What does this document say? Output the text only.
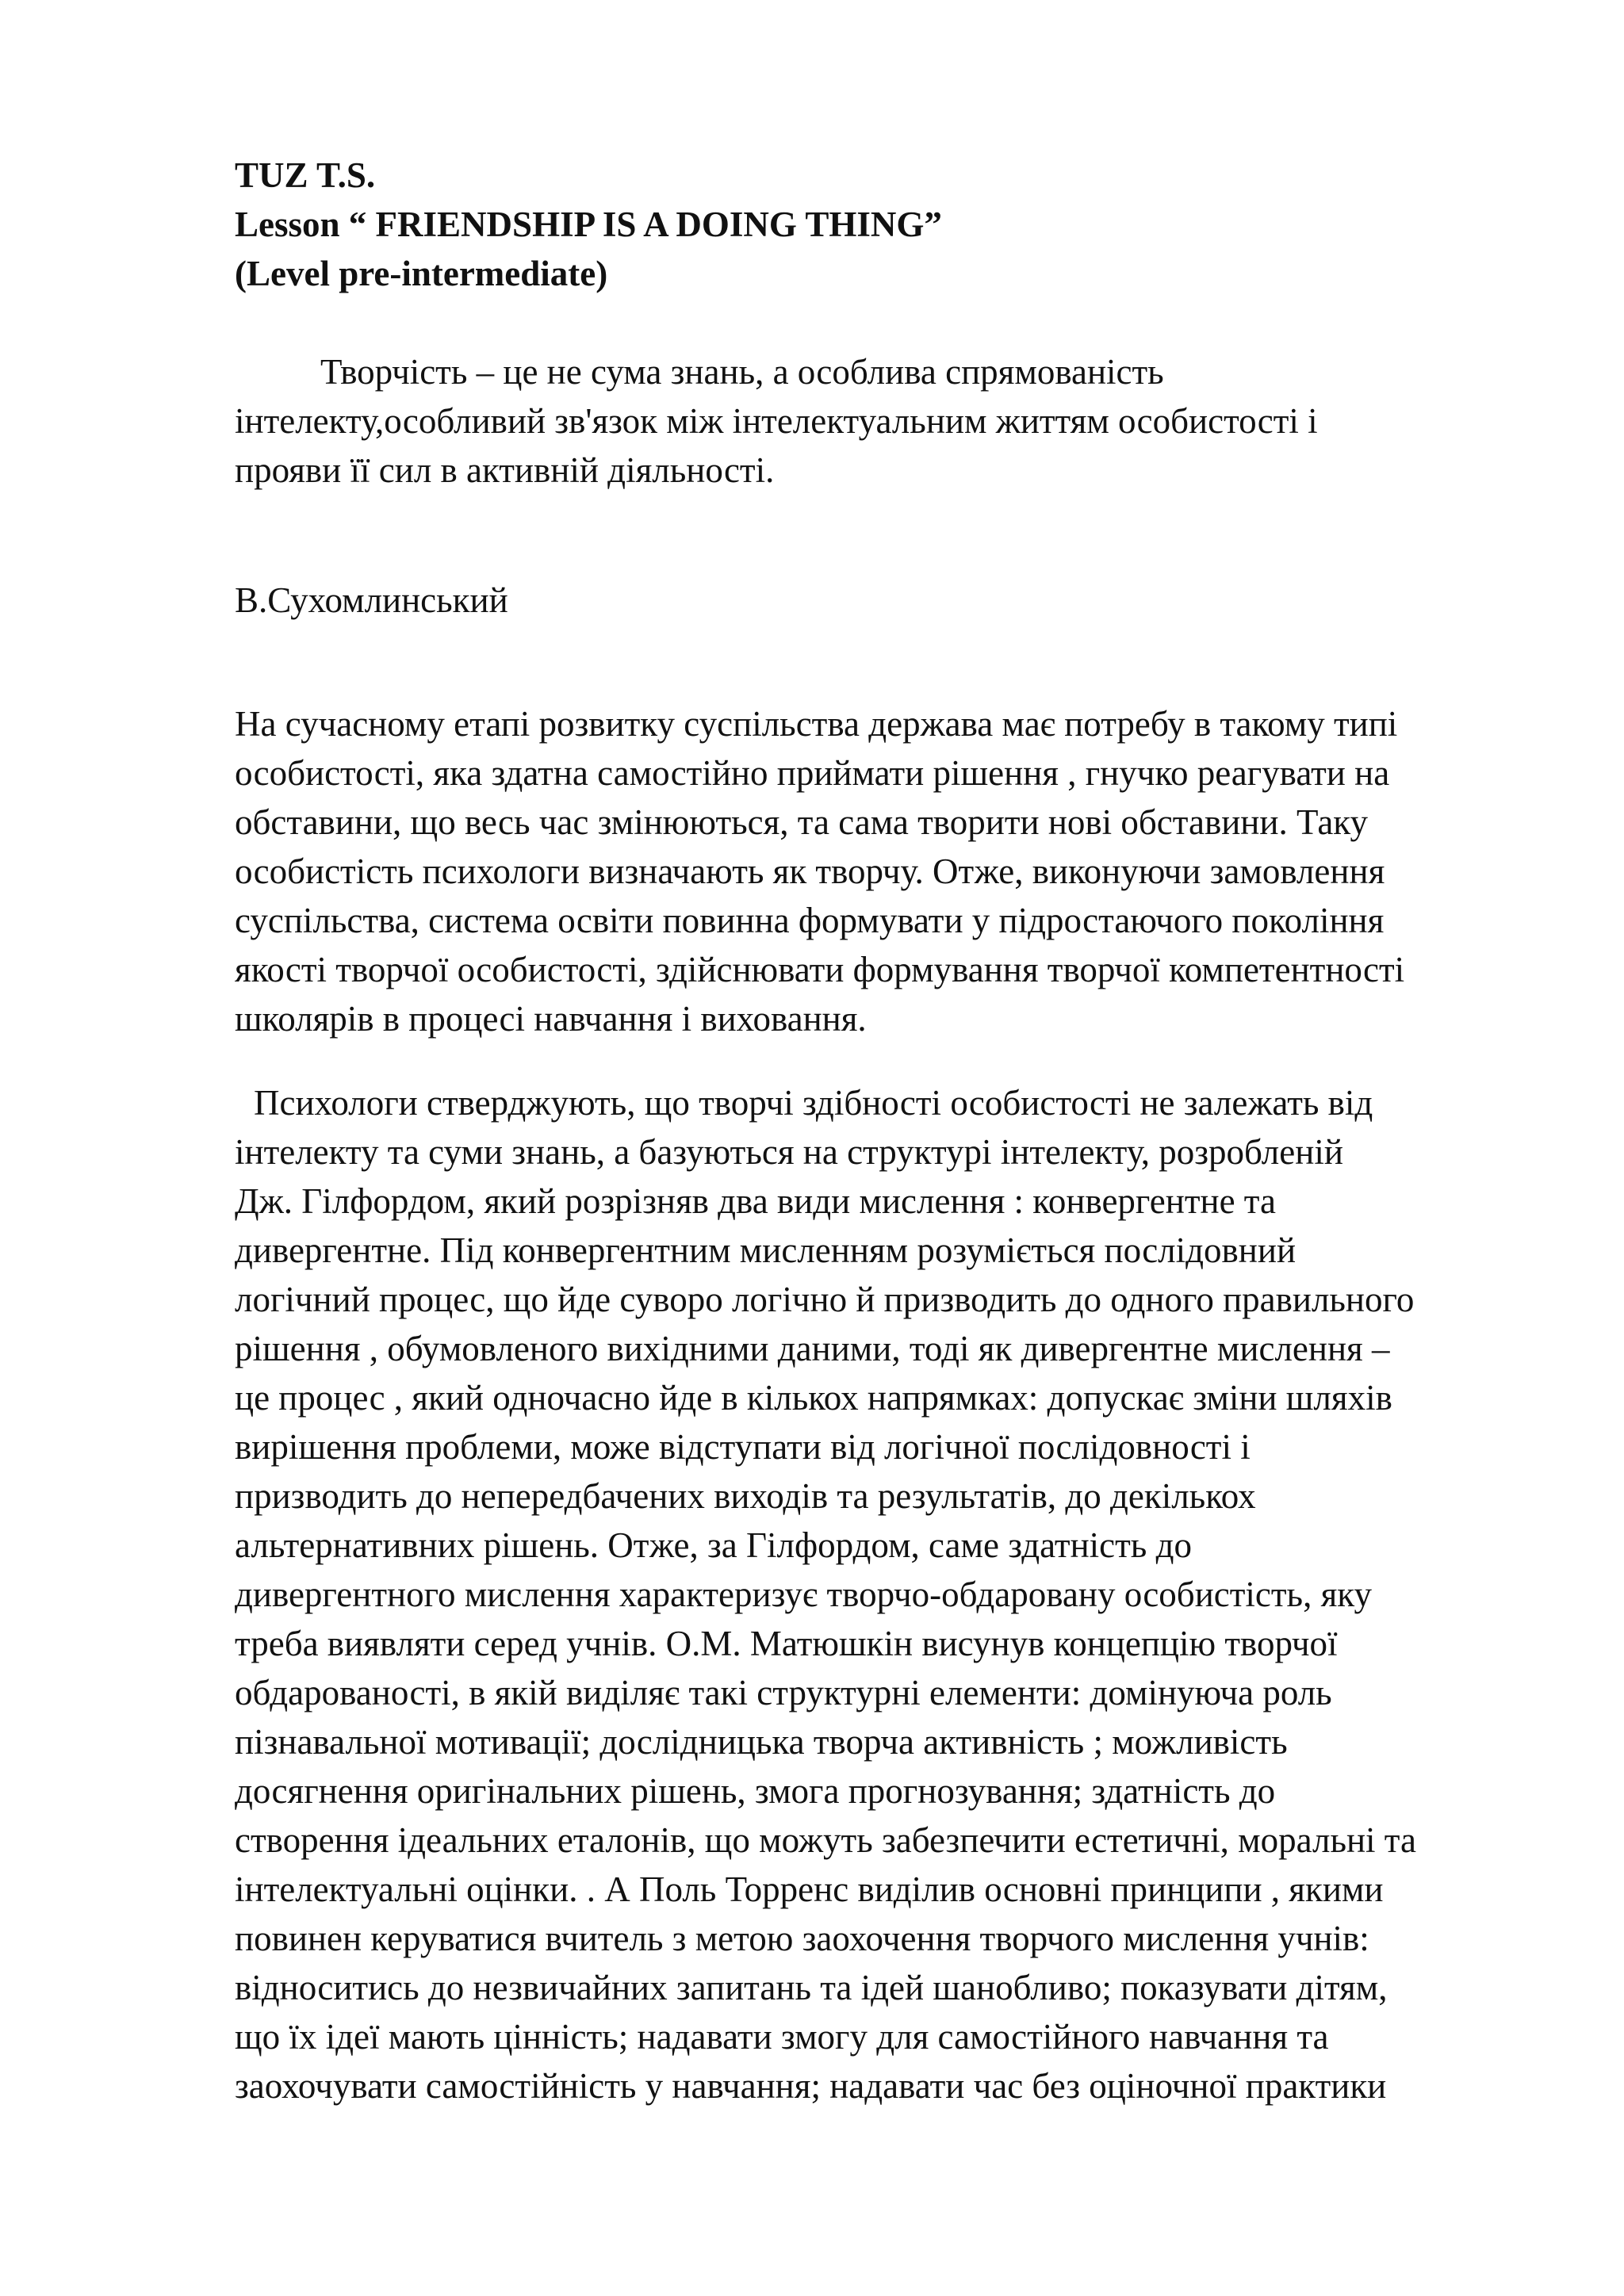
TUZ T.S.
Lesson “ FRIENDSHIP IS A DOING THING”
(Level pre-intermediate)
Творчість – це не сума знань, а особлива спрямованість
інтелекту,особливий зв'язок між інтелектуальним життям особистості і
прояви її сил в активній діяльності.
В.Сухомлинський
На сучасному етапі розвитку суспільства держава має потребу в такому типі
особистості, яка здатна самостійно приймати рішення , гнучко реагувати на
обставини, що весь час змінюються, та сама творити нові обставини. Таку
особистість психологи визначають як творчу. Отже, виконуючи замовлення
суспільства, система освіти повинна формувати у підростаючого покоління
якості творчої особистості, здійснювати формування творчої компетентності
школярів в процесі навчання і виховання.
Психологи стверджують, що творчі здібності особистості не залежать від
інтелекту та суми знань, а базуються на структурі інтелекту, розробленій
Дж. Гілфордом, який розрізняв два види мислення : конвергентне та
дивергентне. Під конвергентним мисленням розуміється послідовний
логічний процес, що йде суворо логічно й призводить до одного правильного
рішення , обумовленого вихідними даними, тоді як дивергентне мислення –
це процес , який одночасно йде в кількох напрямках: допускає зміни шляхів
вирішення проблеми, може відступати від логічної послідовності і
призводить до непередбачених виходів та результатів, до декількох
альтернативних рішень. Отже, за Гілфордом, саме здатність до
дивергентного мислення характеризує творчо-обдаровану особистість, яку
треба виявляти серед учнів. О.М. Матюшкін висунув концепцію творчої
обдарованості, в якій виділяє такі структурні елементи: домінуюча роль
пізнавальної мотивації; дослідницька творча активність ; можливість
досягнення оригінальних рішень, змога прогнозування; здатність до
створення ідеальних еталонів, що можуть забезпечити естетичні, моральні та
інтелектуальні оцінки. . А Поль Торренс виділив основні принципи , якими
повинен керуватися вчитель з метою заохочення творчого мислення учнів:
відноситись до незвичайних запитань та ідей шанобливо; показувати дітям,
що їх ідеї мають цінність; надавати змогу для самостійного навчання та
заохочувати самостійність у навчання; надавати час без оціночної практики
